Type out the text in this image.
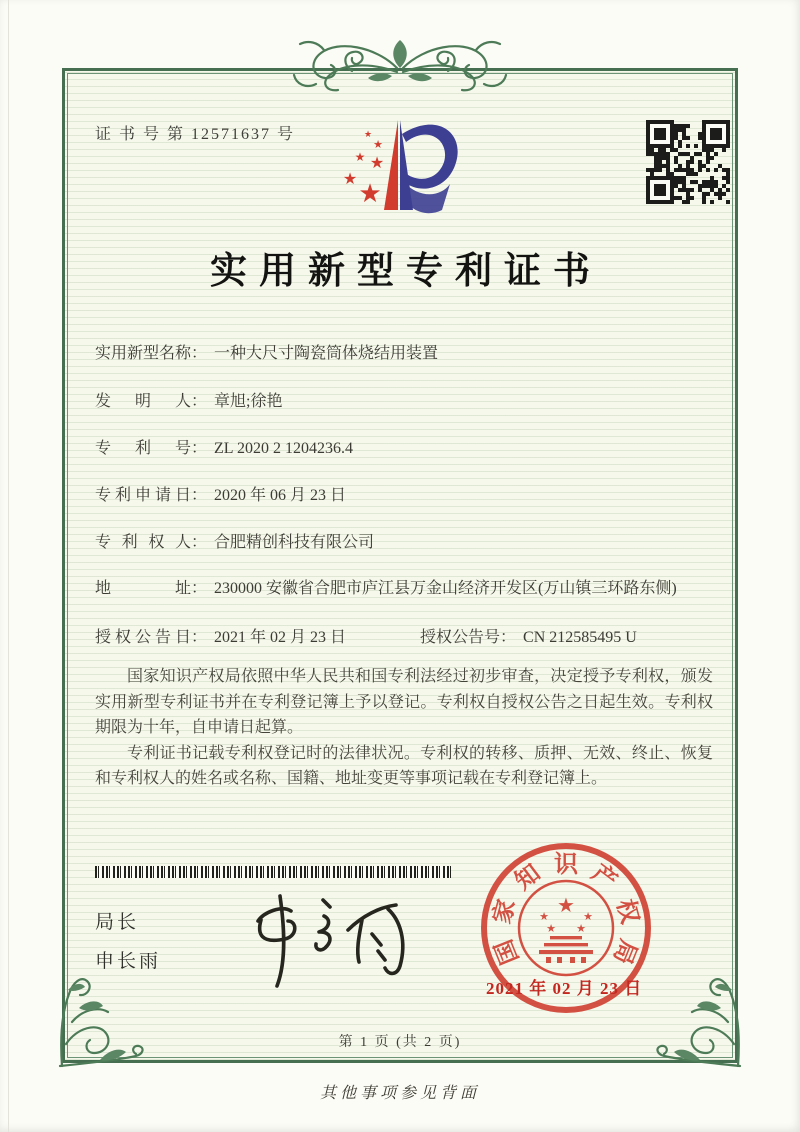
证 书 号 第 12571637 号
★
★
★
★
★
★
实用新型专利证书
实用新型名称： 一种大尺寸陶瓷筒体烧结用装置
发明人： 章旭;徐艳
专利号： ZL 2020 2 1204236.4
专利申请日： 2020 年 06 月 23 日
专利权人： 合肥精创科技有限公司
地址： 230000 安徽省合肥市庐江县万金山经济开发区(万山镇三环路东侧)
授权公告日： 2021 年 02 月 23 日	授权公告号： CN 212585495 U

国家知识产权局依照中华人民共和国专利法经过初步审查，决定授予专利权，颁发实用新型专利证书并在专利登记簿上予以登记。专利权自授权公告之日起生效。专利权期限为十年，自申请日起算。

专利证书记载专利权登记时的法律状况。专利权的转移、质押、无效、终止、恢复和专利权人的姓名或名称、国籍、地址变更等事项记载在专利登记簿上。

局长
申长雨	国
家
知 识 产
权
局
★
★	★
★ ★
2021 年 02 月 23 日
第 1 页 (共 2 页)
其他事项参见背面
